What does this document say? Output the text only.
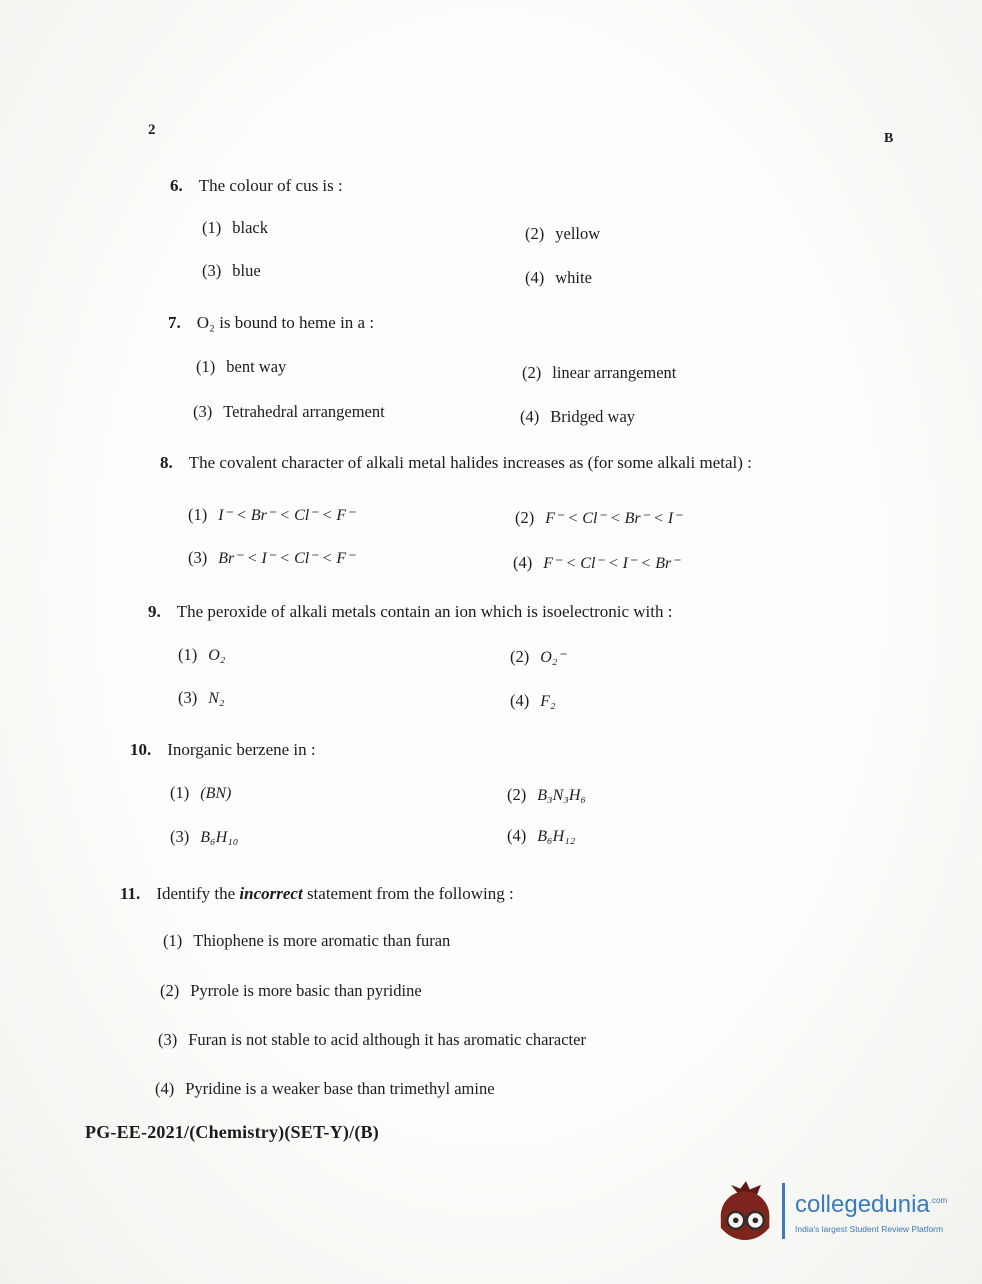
2
B
6. The colour of cus is :
(1) black	(2) yellow
(3) blue	(4) white
7. O₂ is bound to heme in a :
(1) bent way	(2) linear arrangement
(3) Tetrahedral arrangement	(4) Bridged way
8. The covalent character of alkali metal halides increases as (for some alkali metal) :
(1) I⁻ < Br⁻ < Cl⁻ < F⁻	(2) F⁻ < Cl⁻ < Br⁻ < I⁻
(3) Br⁻ < I⁻ < Cl⁻ < F⁻	(4) F⁻ < Cl⁻ < I⁻ < Br⁻
9. The peroxide of alkali metals contain an ion which is isoelectronic with :
(1) O₂	(2) O₂⁻
(3) N₂	(4) F₂
10. Inorganic berzene in :
(1) (BN)	(2) B₃N₃H₆
(3) B₆H₁₀	(4) B₆H₁₂
11. Identify the incorrect statement from the following :
(1) Thiophene is more aromatic than furan
(2) Pyrrole is more basic than pyridine
(3) Furan is not stable to acid although it has aromatic character
(4) Pyridine is a weaker base than trimethyl amine
PG-EE-2021/(Chemistry)(SET-Y)/(B)
collegedunia$^{.com}$
India's largest Student Review Platform
